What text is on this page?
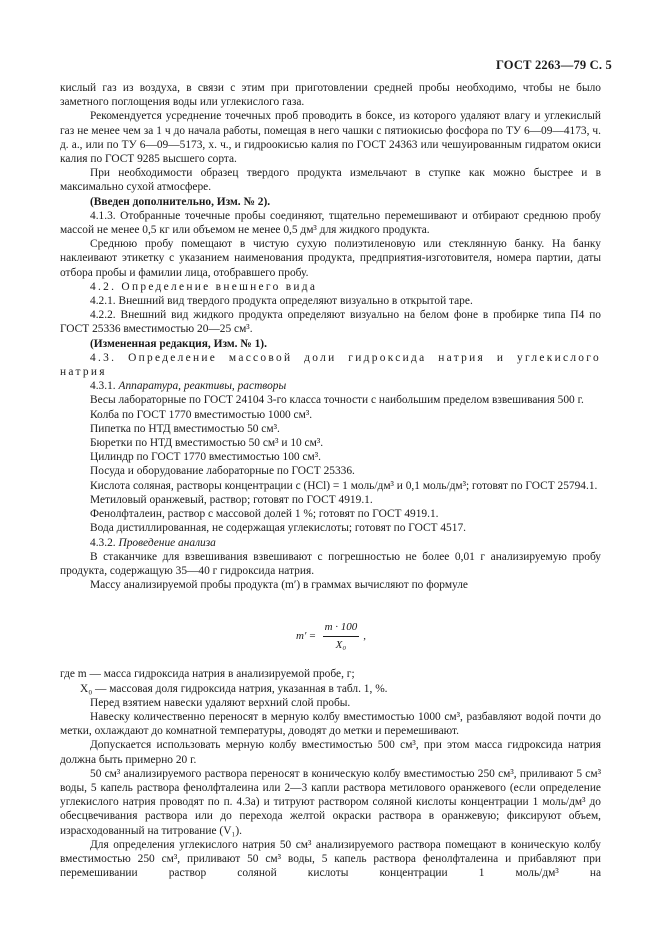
ГОСТ 2263—79 С. 5

кислый газ из воздуха, в связи с этим при приготовлении средней пробы необходимо, чтобы не было заметного поглощения воды или углекислого газа.

Рекомендуется усреднение точечных проб проводить в боксе, из которого удаляют влагу и углекислый газ не менее чем за 1 ч до начала работы, помещая в него чашки с пятиокисью фосфора по ТУ 6—09—4173, ч. д. а., или по ТУ 6—09—5173, х. ч., и гидроокисью калия по ГОСТ 24363 или чешуированным гидратом окиси калия по ГОСТ 9285 высшего сорта.

При необходимости образец твердого продукта измельчают в ступке как можно быстрее и в максимально сухой атмосфере.

(Введен дополнительно, Изм. № 2).

4.1.3. Отобранные точечные пробы соединяют, тщательно перемешивают и отбирают среднюю пробу массой не менее 0,5 кг или объемом не менее 0,5 дм³ для жидкого продукта.

Среднюю пробу помещают в чистую сухую полиэтиленовую или стеклянную банку. На банку наклеивают этикетку с указанием наименования продукта, предприятия-изготовителя, номера партии, даты отбора пробы и фамилии лица, отобравшего пробу.

4.2. Определение внешнего вида

4.2.1. Внешний вид твердого продукта определяют визуально в открытой таре.

4.2.2. Внешний вид жидкого продукта определяют визуально на белом фоне в пробирке типа П4 по ГОСТ 25336 вместимостью 20—25 см³.

(Измененная редакция, Изм. № 1).

4.3. Определение массовой доли гидроксида натрия и углекислого натрия

4.3.1. Аппаратура, реактивы, растворы

Весы лабораторные по ГОСТ 24104 3-го класса точности с наибольшим пределом взвешивания 500 г.

Колба по ГОСТ 1770 вместимостью 1000 см³.

Пипетка по НТД вместимостью 50 см³.

Бюретки по НТД вместимостью 50 см³ и 10 см³.

Цилиндр по ГОСТ 1770 вместимостью 100 см³.

Посуда и оборудование лабораторные по ГОСТ 25336.

Кислота соляная, растворы концентрации c (HCl) = 1 моль/дм³ и 0,1 моль/дм³; готовят по ГОСТ 25794.1.

Метиловый оранжевый, раствор; готовят по ГОСТ 4919.1.

Фенолфталеин, раствор с массовой долей 1 %; готовят по ГОСТ 4919.1.

Вода дистиллированная, не содержащая углекислоты; готовят по ГОСТ 4517.

4.3.2. Проведение анализа

В стаканчике для взвешивания взвешивают с погрешностью не более 0,01 г анализируемую пробу продукта, содержащую 35—40 г гидроксида натрия.

Массу анализируемой пробы продукта (m′) в граммах вычисляют по формуле

$m' = \frac{m \cdot 100}{\text{X₀}}$ ,

где m — масса гидроксида натрия в анализируемой пробе, г;

X₀ — массовая доля гидроксида натрия, указанная в табл. 1, %.

Перед взятием навески удаляют верхний слой пробы.

Навеску количественно переносят в мерную колбу вместимостью 1000 см³, разбавляют водой почти до метки, охлаждают до комнатной температуры, доводят до метки и перемешивают.

Допускается использовать мерную колбу вместимостью 500 см³, при этом масса гидроксида натрия должна быть примерно 20 г.

50 см³ анализируемого раствора переносят в коническую колбу вместимостью 250 см³, приливают 5 см³ воды, 5 капель раствора фенолфталеина или 2—3 капли раствора метилового оранжевого (если определение углекислого натрия проводят по п. 4.3а) и титруют раствором соляной кислоты концентрации 1 моль/дм³ до обесцвечивания раствора или до перехода желтой окраски раствора в оранжевую; фиксируют объем, израсходованный на титрование (V₁).

Для определения углекислого натрия 50 см³ анализируемого раствора помещают в коническую колбу вместимостью 250 см³, приливают 50 см³ воды, 5 капель раствора фенолфталеина и прибавляют при перемешивании раствор соляной кислоты концентрации 1 моль/дм³ на
